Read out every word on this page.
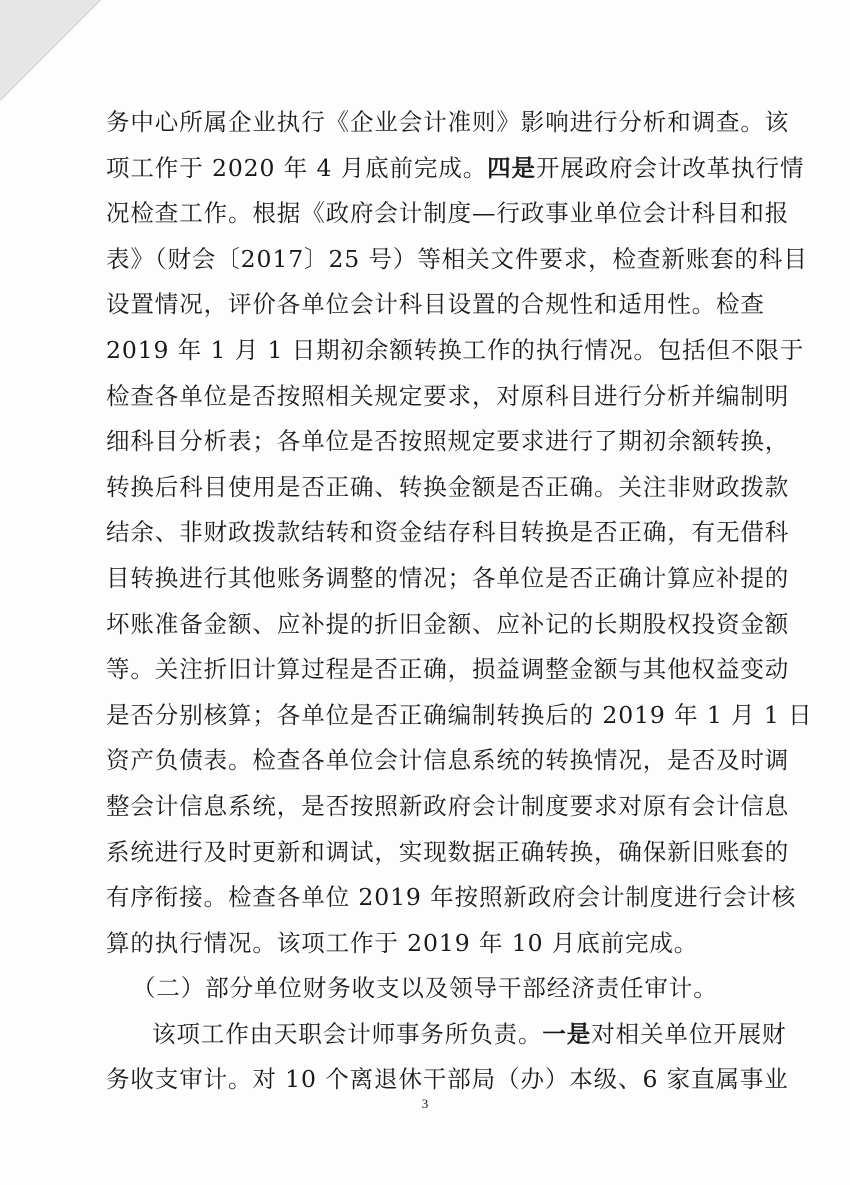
务中心所属企业执行《企业会计准则》影响进行分析和调查。该
项工作于 2020 年 4 月底前完成。四是开展政府会计改革执行情
况检查工作。根据《政府会计制度—行政事业单位会计科目和报
表》（财会〔2017〕25 号）等相关文件要求，检查新账套的科目
设置情况，评价各单位会计科目设置的合规性和适用性。检查
2019 年 1 月 1 日期初余额转换工作的执行情况。包括但不限于
检查各单位是否按照相关规定要求，对原科目进行分析并编制明
细科目分析表；各单位是否按照规定要求进行了期初余额转换，
转换后科目使用是否正确、转换金额是否正确。关注非财政拨款
结余、非财政拨款结转和资金结存科目转换是否正确，有无借科
目转换进行其他账务调整的情况；各单位是否正确计算应补提的
坏账准备金额、应补提的折旧金额、应补记的长期股权投资金额
等。关注折旧计算过程是否正确，损益调整金额与其他权益变动
是否分别核算；各单位是否正确编制转换后的 2019 年 1 月 1 日
资产负债表。检查各单位会计信息系统的转换情况，是否及时调
整会计信息系统，是否按照新政府会计制度要求对原有会计信息
系统进行及时更新和调试，实现数据正确转换，确保新旧账套的
有序衔接。检查各单位 2019 年按照新政府会计制度进行会计核
算的执行情况。该项工作于 2019 年 10 月底前完成。
（二）部分单位财务收支以及领导干部经济责任审计。
该项工作由天职会计师事务所负责。一是对相关单位开展财
务收支审计。对 10 个离退休干部局（办）本级、6 家直属事业
3
